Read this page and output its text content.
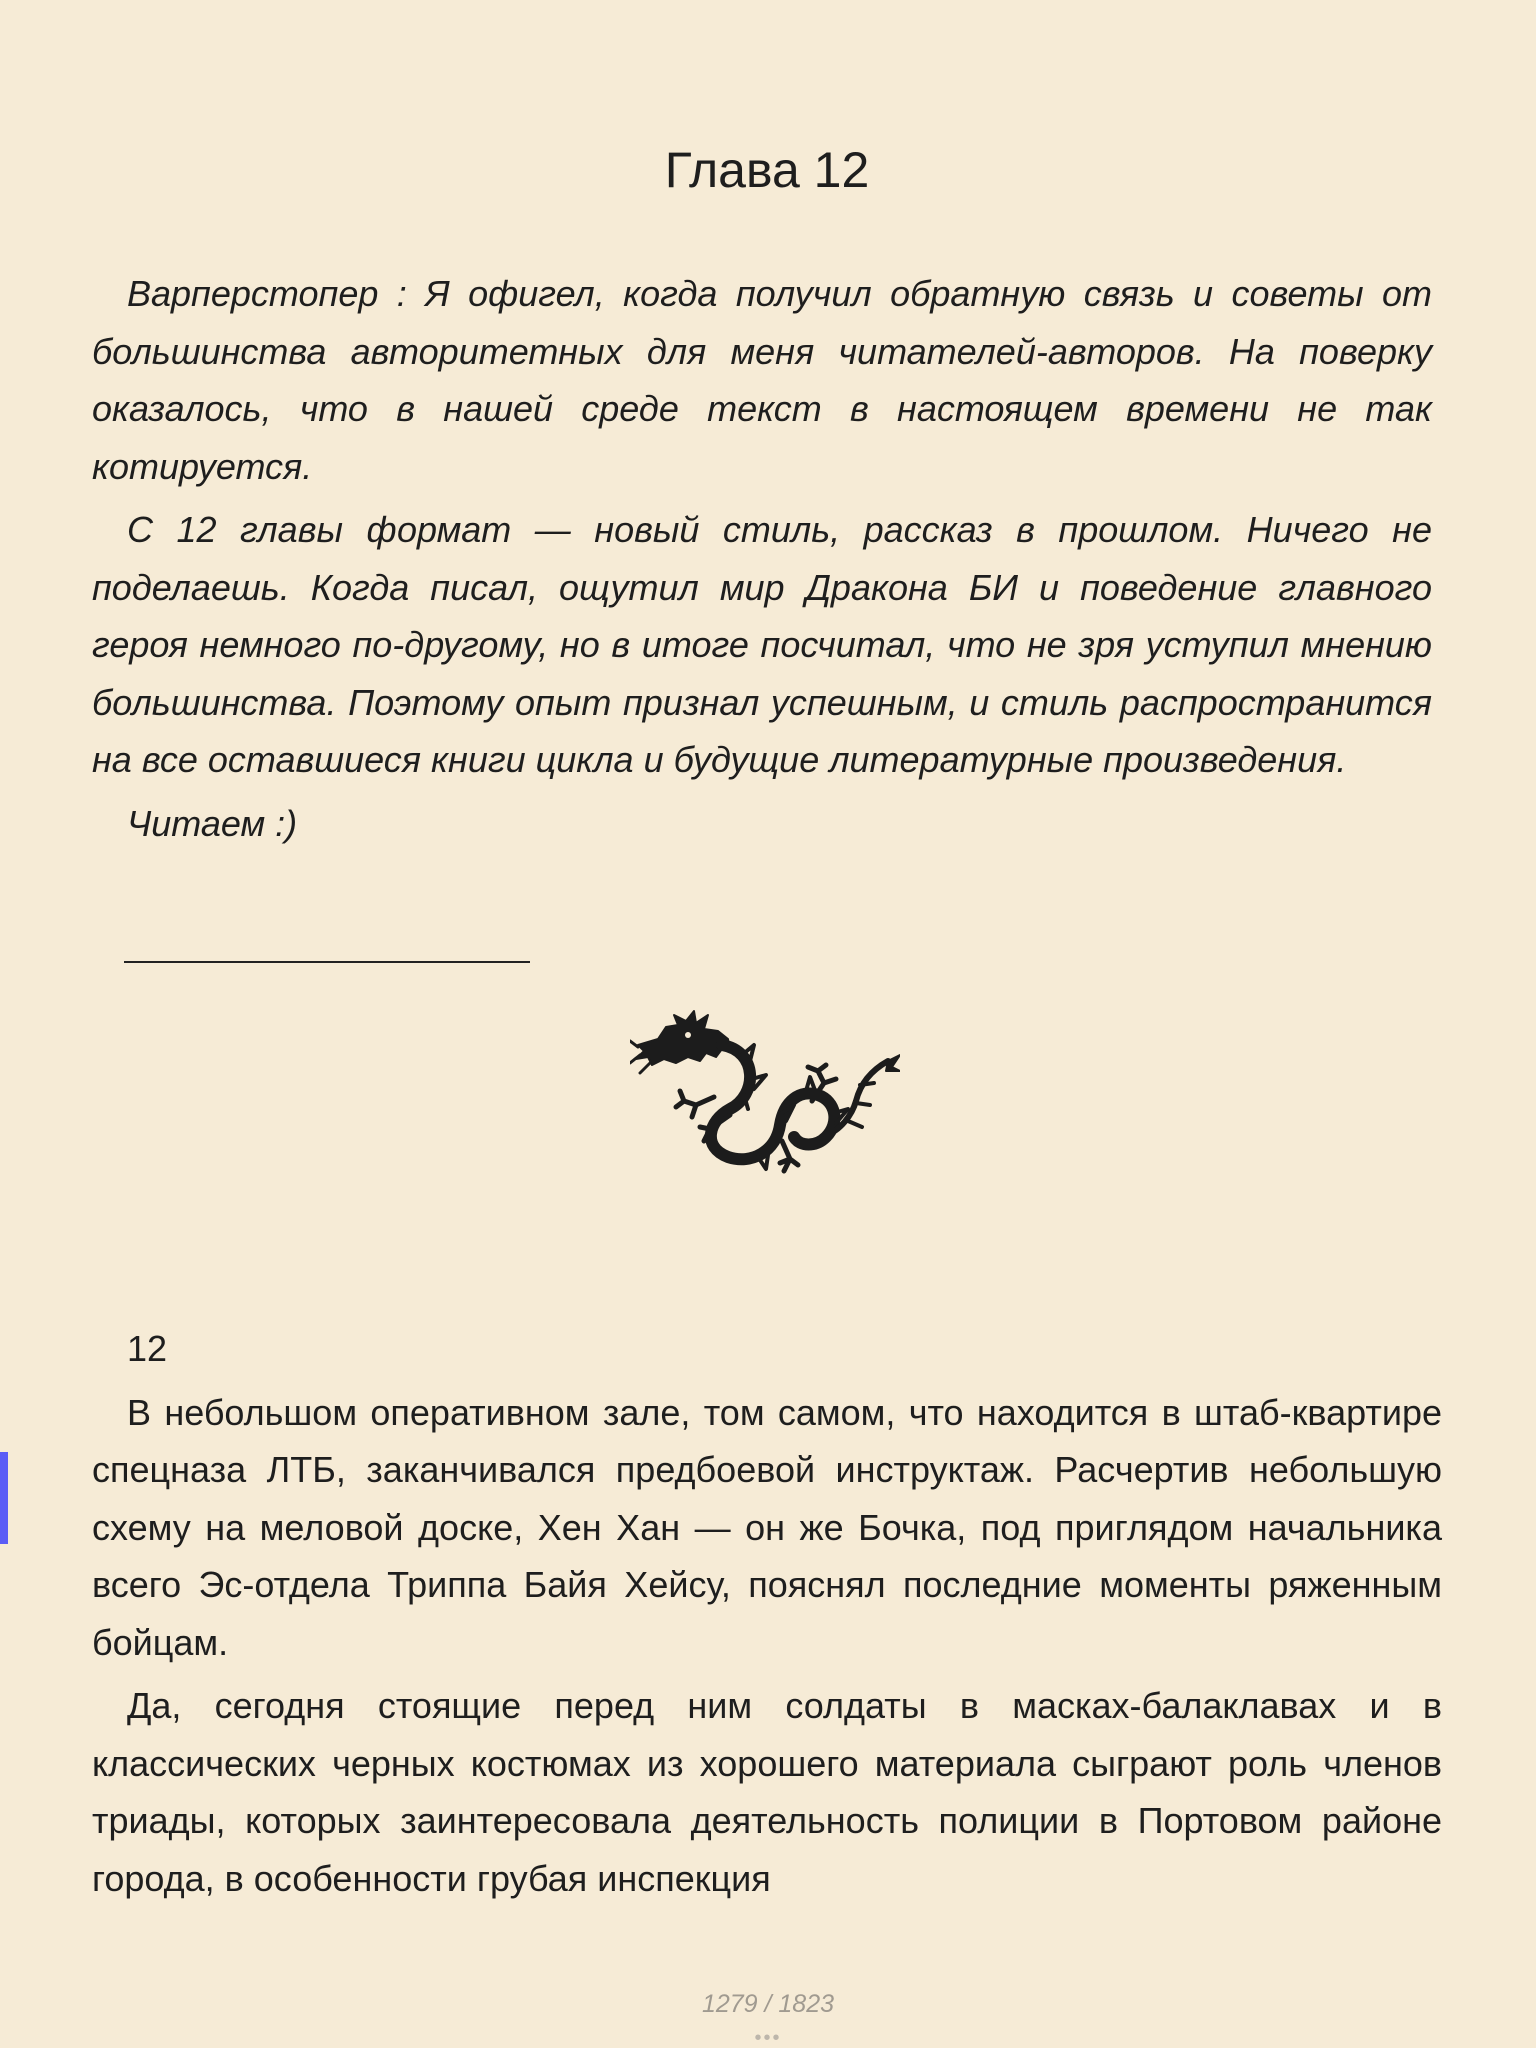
Глава 12

Варперстопер : Я офигел, когда получил обратную связь и советы от большинства авторитетных для меня читателей-авторов. На поверку оказалось, что в нашей среде текст в настоящем времени не так котируется.

С 12 главы формат — новый стиль, рассказ в прошлом. Ничего не поделаешь. Когда писал, ощутил мир Дракона БИ и поведение главного героя немного по-другому, но в итоге посчитал, что не зря уступил мнению большинства. Поэтому опыт признал успешным, и стиль распространится на все оставшиеся книги цикла и будущие литературные произведения.

Читаем :)

12

В небольшом оперативном зале, том самом, что находится в штаб-квартире спецназа ЛТБ, заканчивался предбоевой инструктаж. Расчертив небольшую схему на меловой доске, Хен Хан — он же Бочка, под приглядом начальника всего Эс-отдела Триппа Байя Хейсу, пояснял последние моменты ряженным бойцам.

Да, сегодня стоящие перед ним солдаты в масках-балаклавах и в классических черных костюмах из хорошего материала сыграют роль членов триады, которых заинтересовала деятельность полиции в Портовом районе города, в особенности грубая инспекция

1279 / 1823
•••
